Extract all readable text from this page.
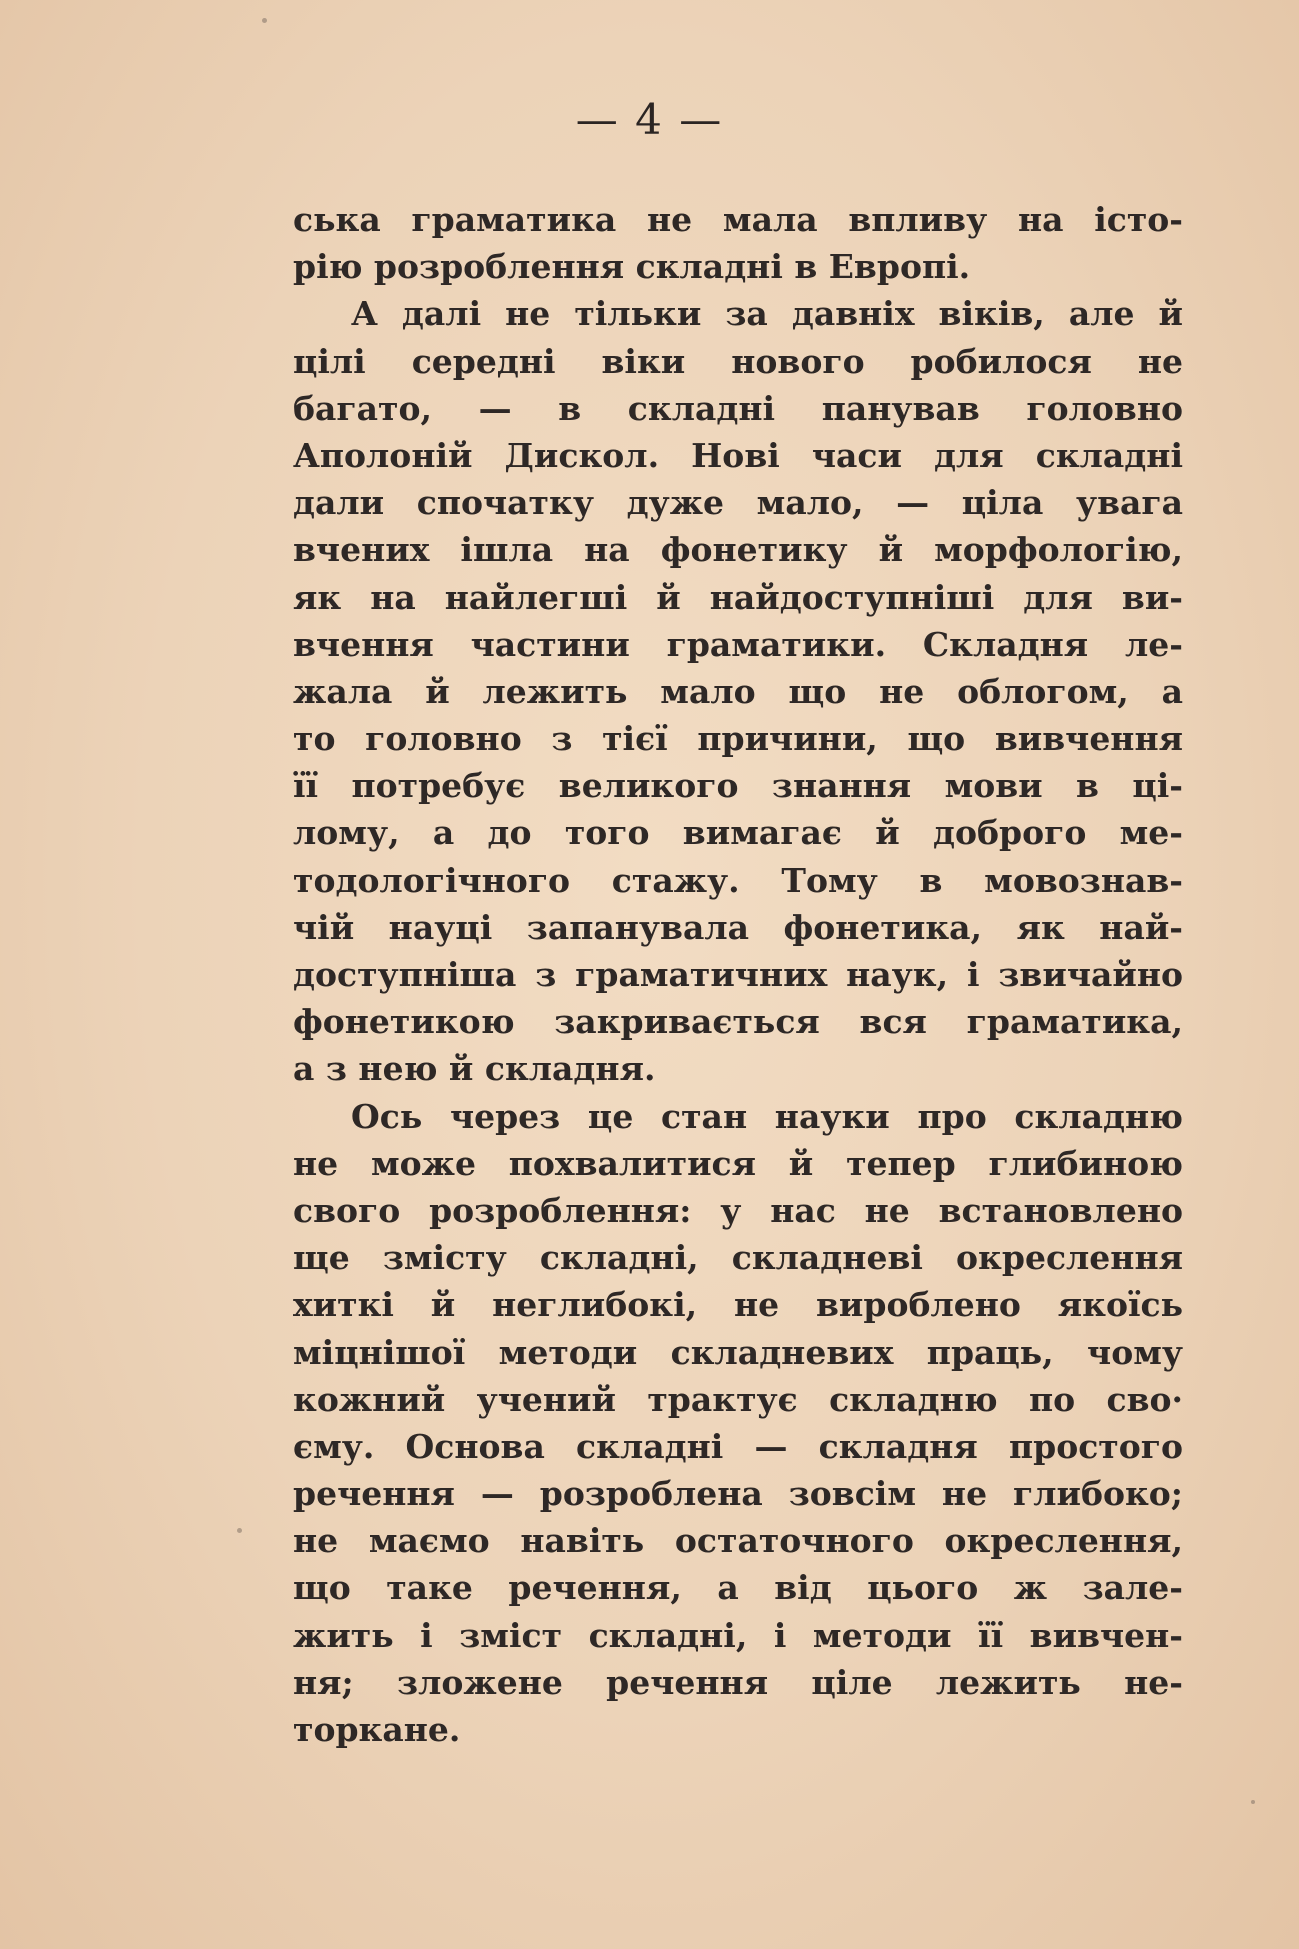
— 4 —
ська граматика не мала впливу на істо-
рію розроблення складні в Европі.
А далі не тільки за давніх віків, але й
цілі середні віки нового робилося не
багато, — в складні панував головно
Аполоній Дискол. Нові часи для складні
дали спочатку дуже мало, — ціла увага
вчених ішла на фонетику й морфологію,
як на найлегші й найдоступніші для ви-
вчення частини граматики. Складня ле-
жала й лежить мало що не облогом, а
то головно з тієї причини, що вивчення
її потребує великого знання мови в ці-
лому, а до того вимагає й доброго ме-
тодологічного стажу. Тому в мовознав-
чій науці запанувала фонетика, як най-
доступніша з граматичних наук, і звичайно
фонетикою закривається вся граматика,
а з нею й складня.
Ось через це стан науки про складню
не може похвалитися й тепер глибиною
свого розроблення: у нас не встановлено
ще змісту складні, складневі окреслення
хиткі й неглибокі, не вироблено якоїсь
міцнішої методи складневих праць, чому
кожний учений трактує складню по сво·
єму. Основа складні — складня простого
речення — розроблена зовсім не глибоко;
не маємо навіть остаточного окреслення,
що таке речення, а від цього ж зале-
жить і зміст складні, і методи її вивчен-
ня; зложене речення ціле лежить не-
торкане.
